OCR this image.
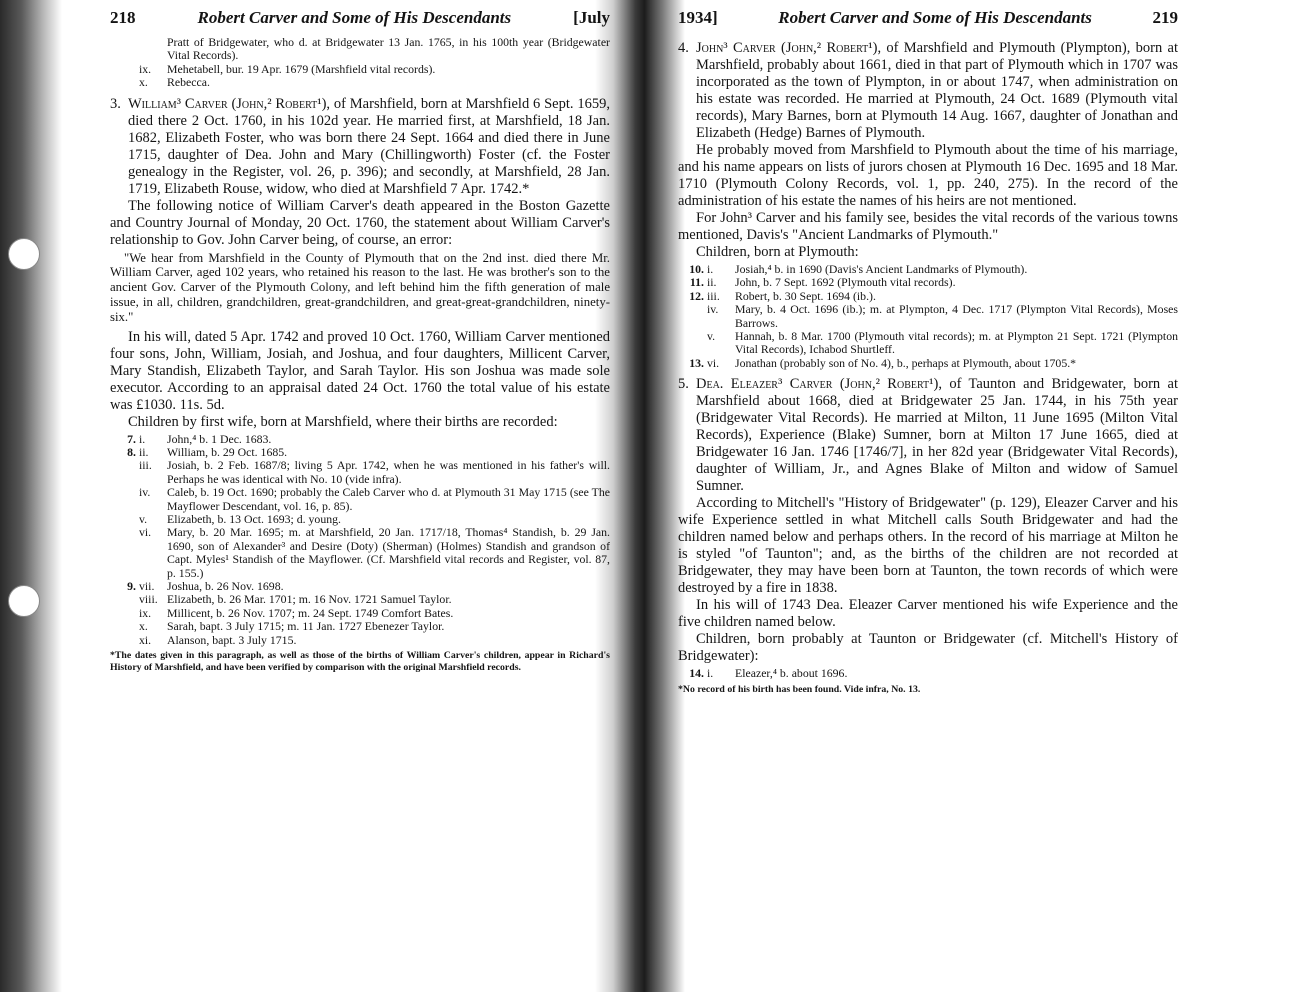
218	Robert Carver and Some of His Descendants	[July
Pratt of Bridgewater, who d. at Bridgewater 13 Jan. 1765, in his 100th year (Bridgewater Vital Records).
ix.	Mehetabell, bur. 19 Apr. 1679 (Marshfield vital records).
x.	Rebecca.
3. William³ Carver (John,² Robert¹), of Marshfield, born at Marshfield 6 Sept. 1659, died there 2 Oct. 1760, in his 102d year. He married first, at Marshfield, 18 Jan. 1682, Elizabeth Foster, who was born there 24 Sept. 1664 and died there in June 1715, daughter of Dea. John and Mary (Chillingworth) Foster (cf. the Foster genealogy in the Register, vol. 26, p. 396); and secondly, at Marshfield, 28 Jan. 1719, Elizabeth Rouse, widow, who died at Marshfield 7 Apr. 1742.*

The following notice of William Carver's death appeared in the Boston Gazette and Country Journal of Monday, 20 Oct. 1760, the statement about William Carver's relationship to Gov. John Carver being, of course, an error:

"We hear from Marshfield in the County of Plymouth that on the 2nd inst. died there Mr. William Carver, aged 102 years, who retained his reason to the last. He was brother's son to the ancient Gov. Carver of the Plymouth Colony, and left behind him the fifth generation of male issue, in all, children, grandchildren, great-grandchildren, and great-great-grandchildren, ninety-six."

In his will, dated 5 Apr. 1742 and proved 10 Oct. 1760, William Carver mentioned four sons, John, William, Josiah, and Joshua, and four daughters, Millicent Carver, Mary Standish, Elizabeth Taylor, and Sarah Taylor. His son Joshua was made sole executor. According to an appraisal dated 24 Oct. 1760 the total value of his estate was £1030. 11s. 5d.

Children by first wife, born at Marshfield, where their births are recorded:

7. i.	John,⁴ b. 1 Dec. 1683.
8. ii.	William, b. 29 Oct. 1685.
iii.	Josiah, b. 2 Feb. 1687/8; living 5 Apr. 1742, when he was mentioned in his father's will. Perhaps he was identical with No. 10 (vide infra).
iv.	Caleb, b. 19 Oct. 1690; probably the Caleb Carver who d. at Plymouth 31 May 1715 (see The Mayflower Descendant, vol. 16, p. 85).
v.	Elizabeth, b. 13 Oct. 1693; d. young.
vi.	Mary, b. 20 Mar. 1695; m. at Marshfield, 20 Jan. 1717/18, Thomas⁴ Standish, b. 29 Jan. 1690, son of Alexander³ and Desire (Doty) (Sherman) (Holmes) Standish and grandson of Capt. Myles¹ Standish of the Mayflower. (Cf. Marshfield vital records and Register, vol. 87, p. 155.)
9. vii.	Joshua, b. 26 Nov. 1698.
viii. Elizabeth, b. 26 Mar. 1701; m. 16 Nov. 1721 Samuel Taylor.
ix.	Millicent, b. 26 Nov. 1707; m. 24 Sept. 1749 Comfort Bates.
x.	Sarah, bapt. 3 July 1715; m. 11 Jan. 1727 Ebenezer Taylor.
xi.	Alanson, bapt. 3 July 1715.
*The dates given in this paragraph, as well as those of the births of William Carver's children, appear in Richard's History of Marshfield, and have been verified by comparison with the original Marshfield records.
1934]	Robert Carver and Some of His Descendants	219
4. John³ Carver (John,² Robert¹), of Marshfield and Plymouth (Plympton), born at Marshfield, probably about 1661, died in that part of Plymouth which in 1707 was incorporated as the town of Plympton, in or about 1747, when administration on his estate was recorded. He married at Plymouth, 24 Oct. 1689 (Plymouth vital records), Mary Barnes, born at Plymouth 14 Aug. 1667, daughter of Jonathan and Elizabeth (Hedge) Barnes of Plymouth.

He probably moved from Marshfield to Plymouth about the time of his marriage, and his name appears on lists of jurors chosen at Plymouth 16 Dec. 1695 and 18 Mar. 1710 (Plymouth Colony Records, vol. 1, pp. 240, 275). In the record of the administration of his estate the names of his heirs are not mentioned.

For John³ Carver and his family see, besides the vital records of the various towns mentioned, Davis's "Ancient Landmarks of Plymouth."

Children, born at Plymouth:

10. i.	Josiah,⁴ b. in 1690 (Davis's Ancient Landmarks of Plymouth).
11. ii.	John, b. 7 Sept. 1692 (Plymouth vital records).
12. iii.	Robert, b. 30 Sept. 1694 (ib.).
iv.	Mary, b. 4 Oct. 1696 (ib.); m. at Plympton, 4 Dec. 1717 (Plympton Vital Records), Moses Barrows.
v.	Hannah, b. 8 Mar. 1700 (Plymouth vital records); m. at Plympton 21 Sept. 1721 (Plympton Vital Records), Ichabod Shurtleff.
13. vi.	Jonathan (probably son of No. 4), b., perhaps at Plymouth, about 1705.*
5. Dea. Eleazer³ Carver (John,² Robert¹), of Taunton and Bridgewater, born at Marshfield about 1668, died at Bridgewater 25 Jan. 1744, in his 75th year (Bridgewater Vital Records). He married at Milton, 11 June 1695 (Milton Vital Records), Experience (Blake) Sumner, born at Milton 17 June 1665, died at Bridgewater 16 Jan. 1746 [1746/7], in her 82d year (Bridgewater Vital Records), daughter of William, Jr., and Agnes Blake of Milton and widow of Samuel Sumner.

According to Mitchell's "History of Bridgewater" (p. 129), Eleazer Carver and his wife Experience settled in what Mitchell calls South Bridgewater and had the children named below and perhaps others. In the record of his marriage at Milton he is styled "of Taunton"; and, as the births of the children are not recorded at Bridgewater, they may have been born at Taunton, the town records of which were destroyed by a fire in 1838.

In his will of 1743 Dea. Eleazer Carver mentioned his wife Experience and the five children named below.

Children, born probably at Taunton or Bridgewater (cf. Mitchell's History of Bridgewater):

14. i.	Eleazer,⁴ b. about 1696.
*No record of his birth has been found. Vide infra, No. 13.
